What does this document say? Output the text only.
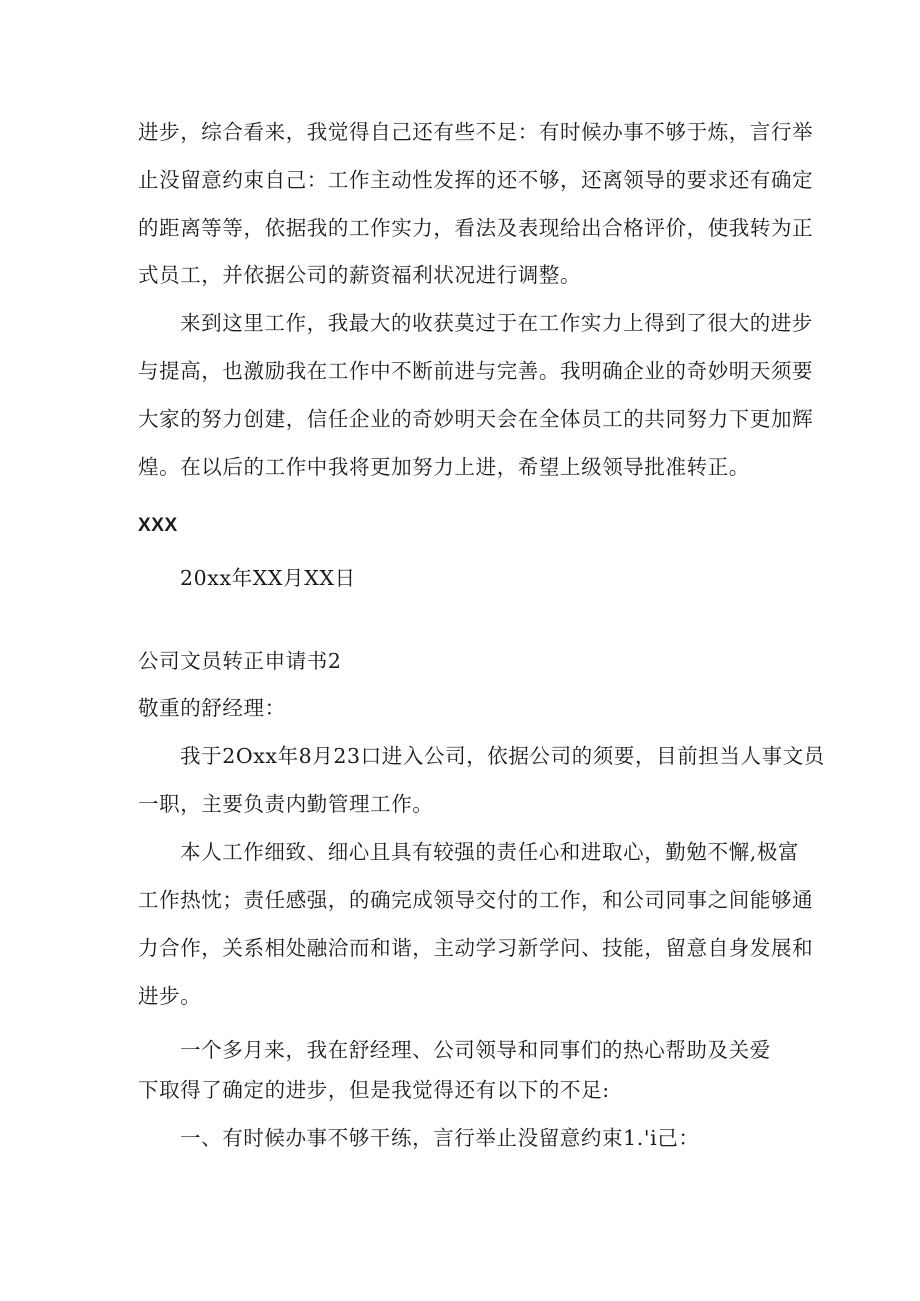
进步，综合看来，我觉得自己还有些不足：有时候办事不够于炼，言行举
止没留意约束自己：工作主动性发挥的还不够，还离领导的要求还有确定
的距离等等，依据我的工作实力，看法及表现给出合格评价，使我转为正
式员工，并依据公司的薪资福利状况进行调整。
来到这里工作，我最大的收获莫过于在工作实力上得到了很大的进步
与提高，也激励我在工作中不断前进与完善。我明确企业的奇妙明天须要
大家的努力创建，信任企业的奇妙明天会在全体员工的共同努力下更加辉
煌。在以后的工作中我将更加努力上进，希望上级领导批准转正。
XXX
20xx年XX月XX日
公司文员转正申请书2
敬重的舒经理：
我于2Oxx年8月23口进入公司，依据公司的须要，目前担当人事文员
一职，主要负责内勤管理工作。
本人工作细致、细心且具有较强的责任心和进取心，勤勉不懈,极富
工作热忱；责任感强，的确完成领导交付的工作，和公司同事之间能够通
力合作，关系相处融洽而和谐，主动学习新学问、技能，留意自身发展和
进步。
一个多月来，我在舒经理、公司领导和同事们的热心帮助及关爱
下取得了确定的进步，但是我觉得还有以下的不足:
一、有时候办事不够干练，言行举止没留意约束1.'i己：
